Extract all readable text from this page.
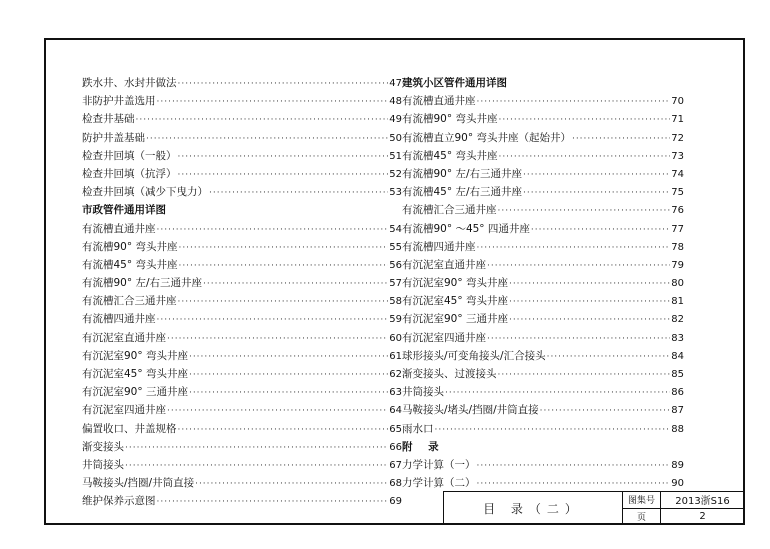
跌水井、水封井做法 ·····	47
非防护井盖选用 ·····	48
检查井基础 ·····	49
防护井盖基础 ·····	50
检查井回填（一般） ·····	51
检查井回填（抗浮） ·····	52
检查井回填（减少下曳力） ·····	53
市政管件通用详图
有流槽直通井座 ·····	54
有流槽90° 弯头井座 ·····	55
有流槽45° 弯头井座 ·····	56
有流槽90° 左/右三通井座 ·····	57
有流槽汇合三通井座 ·····	58
有流槽四通井座 ·····	59
有沉泥室直通井座 ·····	60
有沉泥室90° 弯头井座 ·····	61
有沉泥室45° 弯头井座 ·····	62
有沉泥室90° 三通井座 ·····	63
有沉泥室四通井座 ·····	64
偏置收口、井盖规格 ·····	65
渐变接头 ·····	66
井筒接头 ·····	67
马鞍接头/挡圈/井筒直接 ·····	68
维护保养示意图 ·····	69
建筑小区管件通用详图
有流槽直通井座 ·····	70
有流槽90° 弯头井座 ·····	71
有流槽直立90° 弯头井座（起始井） ·····	72
有流槽45° 弯头井座 ·····	73
有流槽90° 左/右三通井座 ·····	74
有流槽45° 左/右三通井座 ·····	75
有流槽汇合三通井座 ·····	76
有流槽90° ～45° 四通井座 ·····	77
有流槽四通井座 ·····	78
有沉泥室直通井座 ·····	79
有沉泥室90° 弯头井座 ·····	80
有沉泥室45° 弯头井座 ·····	81
有沉泥室90° 三通井座 ·····	82
有沉泥室四通井座 ·····	83
球形接头/可变角接头/汇合接头 ·····	84
渐变接头、过渡接头 ·····	85
井筒接头 ·····	86
马鞍接头/堵头/挡圈/井筒直接 ·····	87
雨水口 ·····	88
附 录
力学计算（一） ·····	89
力学计算（二） ·····	90
目 录（二）
图集号	2013浙S16
页	2
